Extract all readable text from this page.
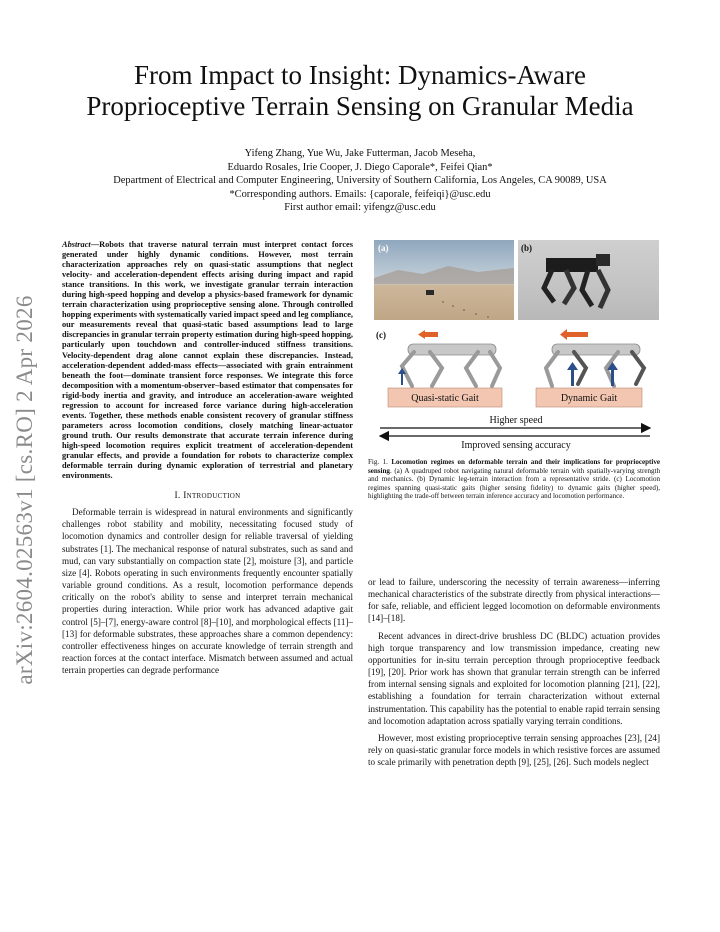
arXiv:2604.02563v1 [cs.RO] 2 Apr 2026
From Impact to Insight: Dynamics-Aware
Proprioceptive Terrain Sensing on Granular Media
Yifeng Zhang, Yue Wu, Jake Futterman, Jacob Meseha,
Eduardo Rosales, Irie Cooper, J. Diego Caporale*, Feifei Qian*
Department of Electrical and Computer Engineering, University of Southern California, Los Angeles, CA 90089, USA
*Corresponding authors. Emails: {caporale, feifeiqi}@usc.edu
First author email: yifengz@usc.edu

Abstract—Robots that traverse natural terrain must interpret contact forces generated under highly dynamic conditions. However, most terrain characterization approaches rely on quasi-static assumptions that neglect velocity- and acceleration-dependent effects arising during impact and rapid stance transitions. In this work, we investigate granular terrain interaction during high-speed hopping and develop a physics-based framework for dynamic terrain characterization using proprioceptive sensing alone. Through controlled hopping experiments with systematically varied impact speed and leg compliance, our measurements reveal that quasi-static based assumptions lead to large discrepancies in granular terrain property estimation during high-speed hopping, particularly upon touchdown and controller-induced stiffness transitions. Velocity-dependent drag alone cannot explain these discrepancies. Instead, acceleration-dependent added-mass effects—associated with grain entrainment beneath the foot—dominate transient force responses. We integrate this force decomposition with a momentum-observer–based estimator that compensates for rigid-body inertia and gravity, and introduce an acceleration-aware weighted regression to account for increased force variance during high-acceleration events. Together, these methods enable consistent recovery of granular stiffness parameters across locomotion conditions, closely matching linear-actuator ground truth. Our results demonstrate that accurate terrain inference during high-speed locomotion requires explicit treatment of acceleration-dependent granular effects, and provide a foundation for robots to characterize complex deformable terrain during dynamic exploration of terrestrial and planetary environments.

I. Introduction

Deformable terrain is widespread in natural environments and significantly challenges robot stability and mobility, necessitating focused study of locomotion dynamics and controller design for reliable traversal of yielding substrates [1]. The mechanical response of natural substrates, such as sand and mud, can vary substantially on compaction state [2], moisture [3], and particle size [4]. Robots operating in such environments frequently encounter spatially variable ground conditions. As a result, locomotion performance depends critically on the robot's ability to sense and interpret terrain mechanical properties during interaction. While prior work has advanced adaptive gait control [5]–[7], energy-aware control [8]–[10], and morphological effects [11]–[13] for deformable substrates, these approaches share a common dependency: controller effectiveness hinges on accurate knowledge of terrain strength and reaction forces at the contact interface. Mismatch between assumed and actual terrain properties can degrade performance

(a)	(b)
(c)
Quasi-static Gait	Dynamic Gait
Higher speed
Improved sensing accuracy
Fig. 1. Locomotion regimes on deformable terrain and their implications for proprioceptive sensing. (a) A quadruped robot navigating natural deformable terrain with spatially-varying strength and mechanics. (b) Dynamic leg-terrain interaction from a representative stride. (c) Locomotion regimes spanning quasi-static gaits (higher sensing fidelity) to dynamic gaits (higher speed), highlighting the trade-off between terrain inference accuracy and locomotion performance.

or lead to failure, underscoring the necessity of terrain awareness—inferring mechanical characteristics of the substrate directly from physical interactions—for safe, reliable, and efficient legged locomotion on deformable environments [14]–[18].

Recent advances in direct-drive brushless DC (BLDC) actuation provides high torque transparency and low transmission impedance, creating new opportunities for in-situ terrain perception through proprioceptive feedback [19], [20]. Prior work has shown that granular terrain strength can be inferred from internal sensing signals and exploited for locomotion planning [21], [22], establishing a foundation for terrain characterization without external instrumentation. This capability has the potential to enable rapid terrain sensing and locomotion adaptation across spatially varying terrain conditions.

However, most existing proprioceptive terrain sensing approaches [23], [24] rely on quasi-static granular force models in which resistive forces are assumed to scale primarily with penetration depth [9], [25], [26]. Such models neglect
